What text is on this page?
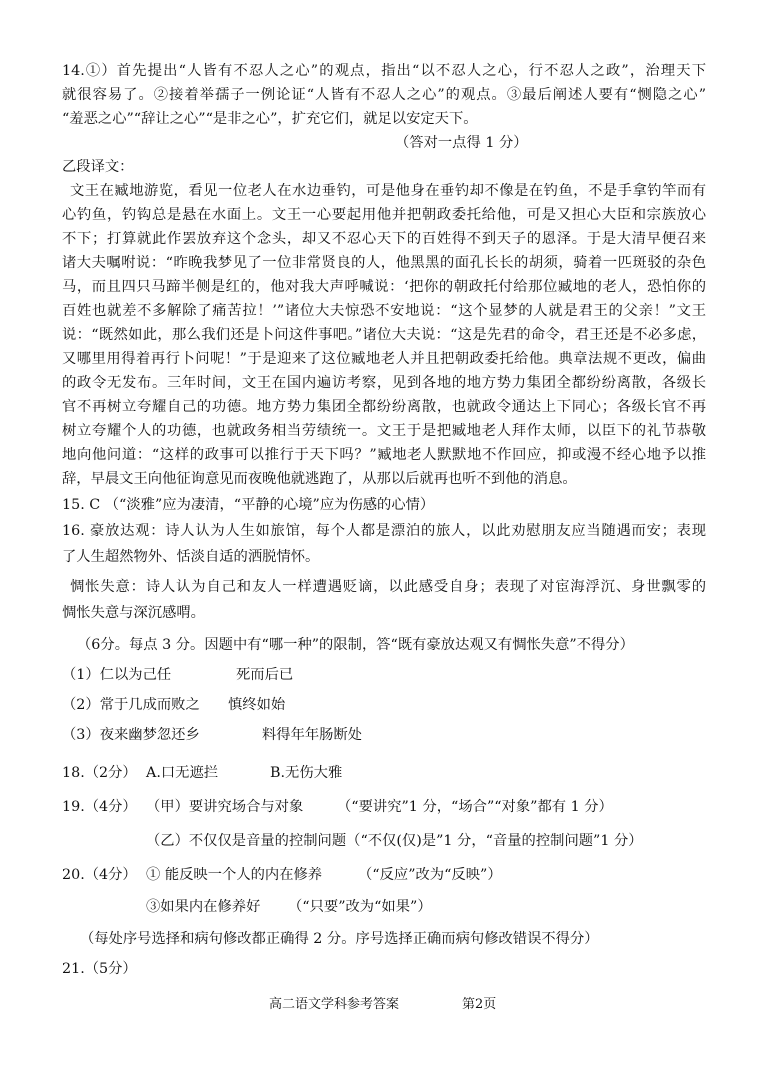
14.①）首先提出“人皆有不忍人之心”的观点，指出“以不忍人之心，行不忍人之政”，治理天下
就很容易了。②接着举孺子一例论证“人皆有不忍人之心”的观点。③最后阐述人要有“恻隐之心”
“羞恶之心”“辞让之心”“是非之心”，扩充它们，就足以安定天下。
（答对一点得 1 分）
乙段译文：
文王在臧地游览，看见一位老人在水边垂钓，可是他身在垂钓却不像是在钓鱼，不是手拿钓竿而有
心钓鱼，钓钩总是悬在水面上。文王一心要起用他并把朝政委托给他，可是又担心大臣和宗族放心
不下；打算就此作罢放弃这个念头，却又不忍心天下的百姓得不到天子的恩泽。于是大清早便召来
诸大夫嘱咐说：“昨晚我梦见了一位非常贤良的人，他黑黑的面孔长长的胡须，骑着一匹斑驳的杂色
马，而且四只马蹄半侧是红的，他对我大声呼喊说：‘把你的朝政托付给那位臧地的老人，恐怕你的
百姓也就差不多解除了痛苦拉！’”诸位大夫惊恐不安地说：“这个显梦的人就是君王的父亲！”文王
说：“既然如此，那么我们还是卜问这件事吧。”诸位大夫说：“这是先君的命令，君王还是不必多虑，
又哪里用得着再行卜问呢！”于是迎来了这位臧地老人并且把朝政委托给他。典章法规不更改，偏曲
的政令无发布。三年时间，文王在国内遍访考察，见到各地的地方势力集团全都纷纷离散，各级长
官不再树立夸耀自己的功德。地方势力集团全都纷纷离散，也就政令通达上下同心；各级长官不再
树立夸耀个人的功德，也就政务相当劳绩统一。文王于是把臧地老人拜作太师，以臣下的礼节恭敬
地向他问道：“这样的政事可以推行于天下吗？”臧地老人默默地不作回应，抑或漫不经心地予以推
辞，早晨文王向他征询意见而夜晚他就逃跑了，从那以后就再也听不到他的消息。
15. C （“淡雅”应为凄清，“平静的心境”应为伤感的心情）
16. 豪放达观：诗人认为人生如旅馆，每个人都是漂泊的旅人，以此劝慰朋友应当随遇而安；表现
了人生超然物外、恬淡自适的洒脱情怀。
惆怅失意：诗人认为自己和友人一样遭遇贬谪，以此感受自身；表现了对宦海浮沉、身世飘零的
惆怅失意与深沉感喟。
（6分。每点 3 分。因题中有“哪一种”的限制，答“既有豪放达观又有惆怅失意”不得分）
（1）仁以为己任	死而后已
（2）常于几成而败之 慎终如始
（3）夜来幽梦忽还乡	料得年年肠断处
18.（2分） A.口无遮拦	B.无伤大雅
19.（4分） （甲）要讲究场合与对象 （“要讲究”1 分，“场合”“对象”都有 1 分）
（乙）不仅仅是音量的控制问题（“不仅(仅)是”1 分，“音量的控制问题”1 分）
20.（4分） ① 能反映一个人的内在修养	（“反应”改为“反映”）
③如果内在修养好 （“只要”改为“如果”）
（每处序号选择和病句修改都正确得 2 分。序号选择正确而病句修改错误不得分）
21.（5分）
高二语文学科参考答案	第2页
